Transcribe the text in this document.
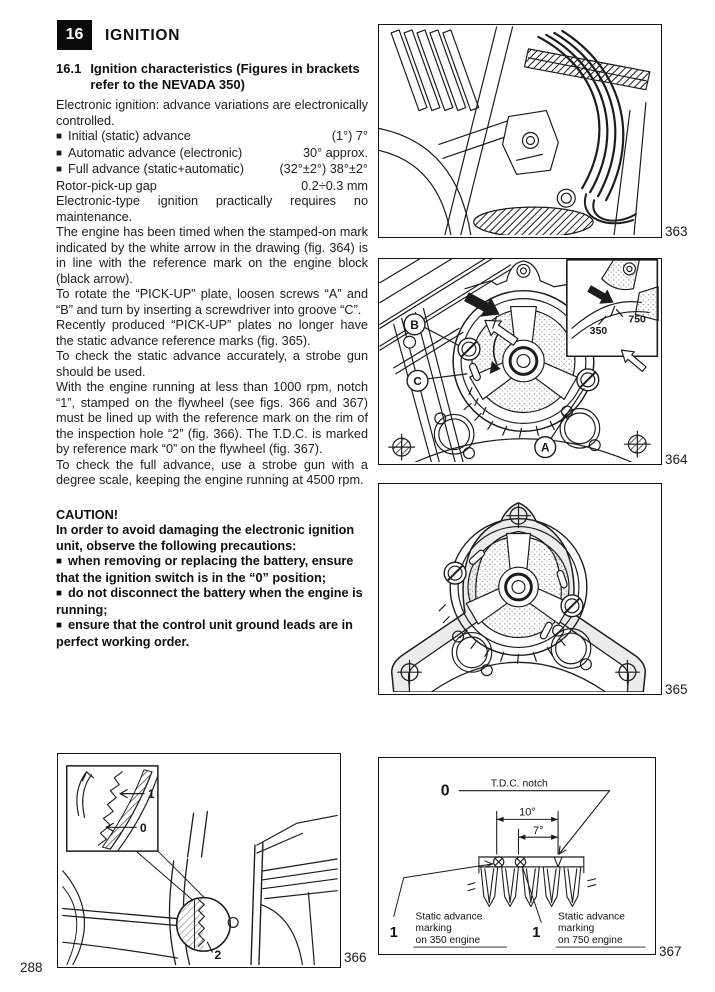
16 IGNITION
16.1 Ignition characteristics (Figures in brackets refer to the NEVADA 350)

Electronic ignition: advance variations are electronically controlled.

■ Initial (static) advance	(1°) 7°
■ Automatic advance (electronic)	30° approx.
■ Full advance (static+automatic)	(32°±2°) 38°±2°
Rotor-pick-up gap	0.2÷0.3 mm

Electronic-type ignition practically requires no maintenance.

The engine has been timed when the stamped-on mark indicated by the white arrow in the drawing (fig. 364) is in line with the reference mark on the engine block (black arrow).

To rotate the “PICK-UP” plate, loosen screws “A” and “B” and turn by inserting a screwdriver into groove “C”.

Recently produced “PICK-UP” plates no longer have the static advance reference marks (fig. 365).

To check the static advance accurately, a strobe gun should be used.

With the engine running at less than 1000 rpm, notch “1”, stamped on the flywheel (see figs. 366 and 367) must be lined up with the reference mark on the rim of the inspection hole “2” (fig. 366). The T.D.C. is marked by reference mark “0” on the flywheel (fig. 367).

To check the full advance, use a strobe gun with a degree scale, keeping the engine running at 4500 rpm.

CAUTION!

In order to avoid damaging the electronic ignition unit, observe the following precautions:

■ when removing or replacing the battery, ensure that the ignition switch is in the “0” position;

■ do not disconnect the battery when the engine is running;

■ ensure that the control unit ground leads are in perfect working order.

363
B
C
A
750
350
364
365
1
0
2	366
0	T.D.C. notch
10°
7°
1
Static advance
marking
on 350 engine	1
Static advance
marking
on 750 engine
367
288
